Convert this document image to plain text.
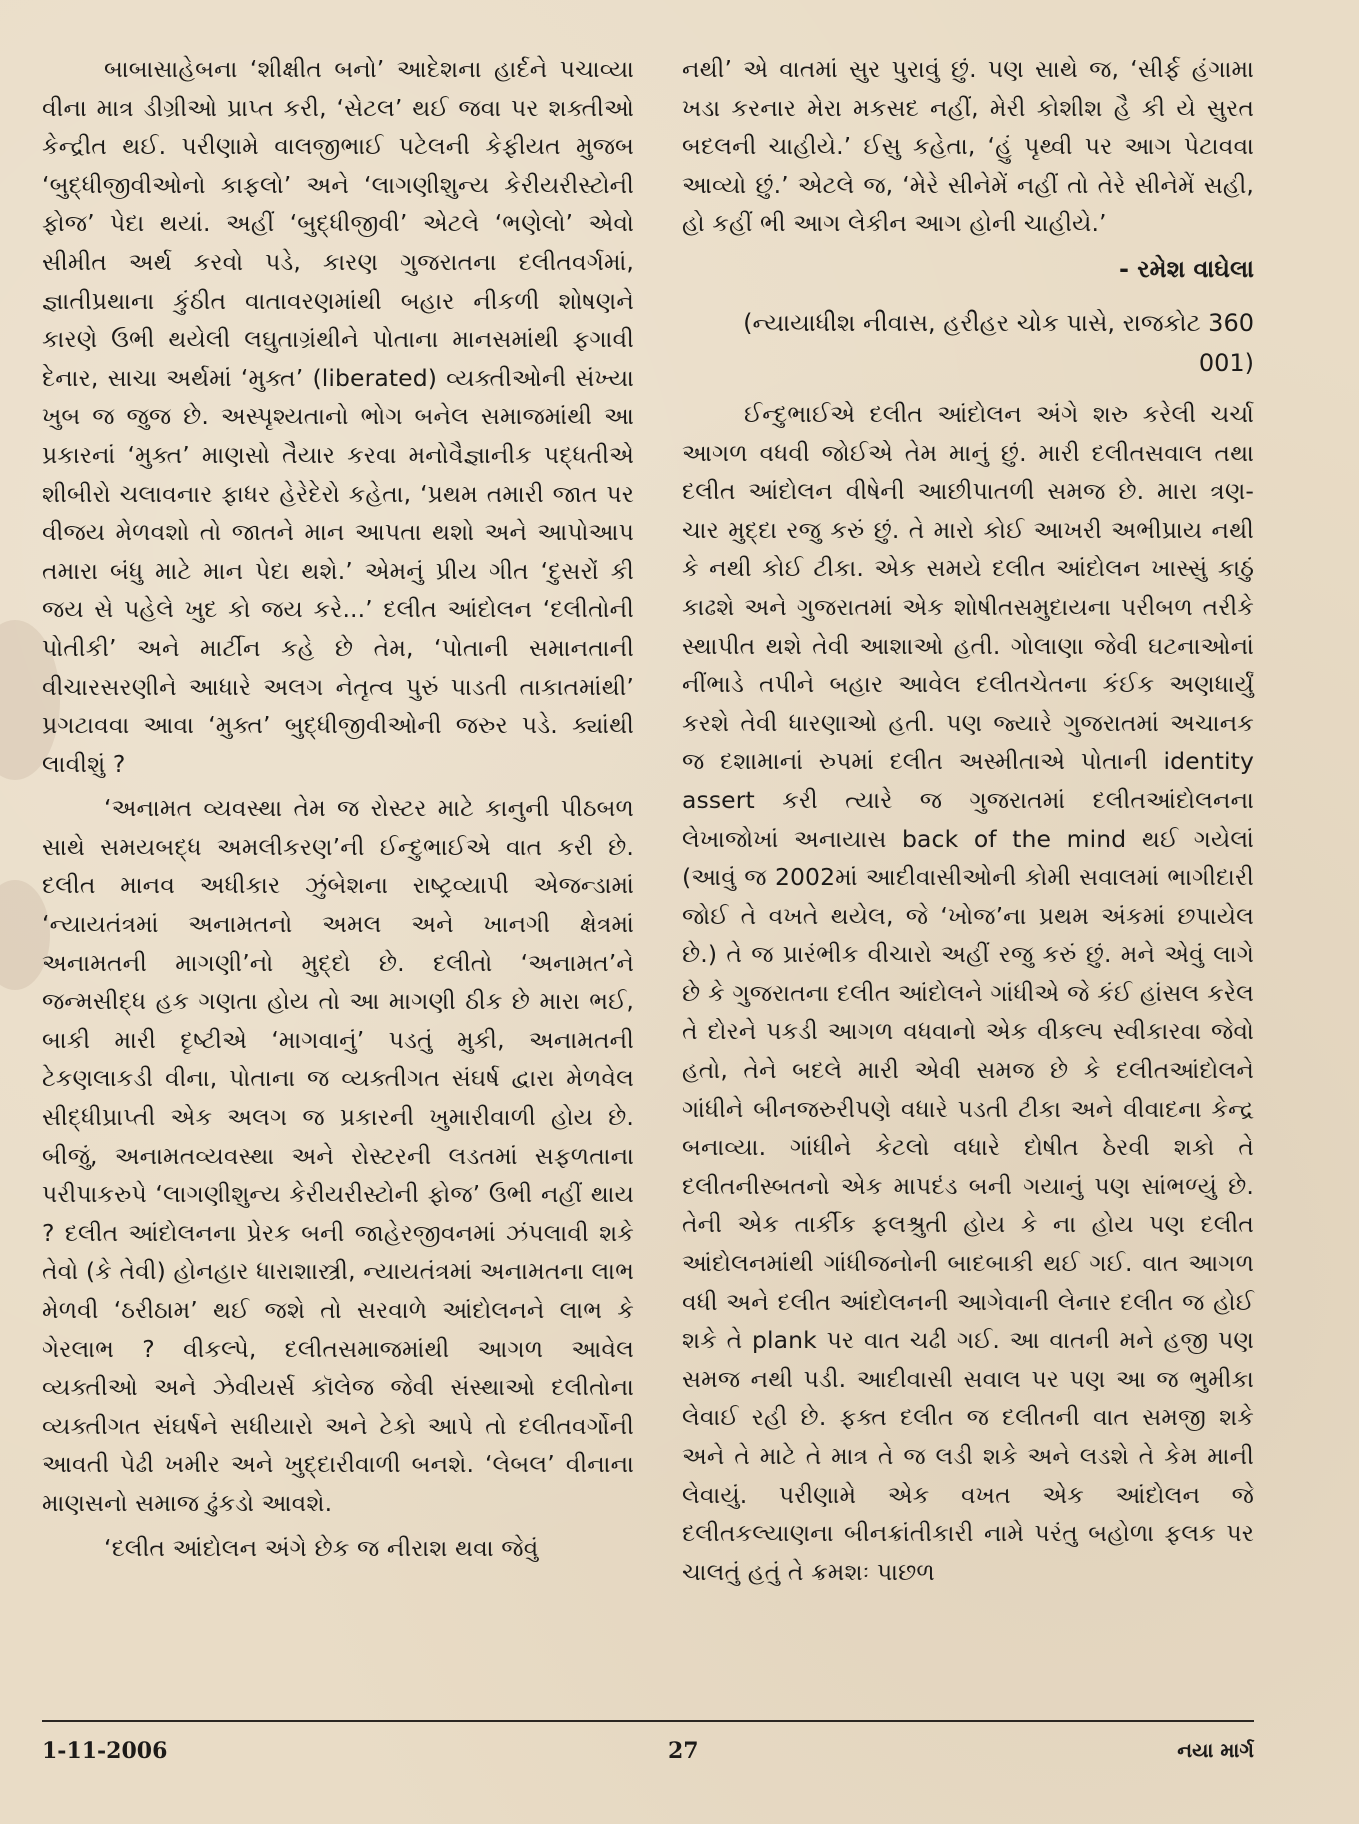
બાબાસાહેબના ‘શીક્ષીત બનો’ આદેશના હાર્દને પચાવ્યા વીના માત્ર ડીગ્રીઓ પ્રાપ્ત કરી, ‘સેટલ’ થઈ જવા પર શક્તીઓ કેન્દ્રીત થઈ. પરીણામે વાલજીભાઈ પટેલની કેફીયત મુજબ ‘બુદ્ધીજીવીઓનો કાફલો’ અને ‘લાગણીશુન્ય કેરીયરીસ્ટોની ફોજ’ પેદા થયાં. અહીં ‘બુદ્ધીજીવી’ એટલે ‘ભણેલો’ એવો સીમીત અર્થ કરવો પડે, કારણ ગુજરાતના દલીતવર્ગમાં, જ્ઞાતીપ્રથાના કુંઠીત વાતાવરણમાંથી બહાર નીકળી શોષણને કારણે ઉભી થયેલી લઘુતાગ્રંથીને પોતાના માનસમાંથી ફગાવી દેનાર, સાચા અર્થમાં ‘મુક્ત’ (liberated) વ્યક્તીઓની સંખ્યા ખુબ જ જુજ છે. અસ્પૃશ્યતાનો ભોગ બનેલ સમાજમાંથી આ પ્રકારનાં ‘મુક્ત’ માણસો તૈયાર કરવા મનોવૈજ્ઞાનીક પદ્ધતીએ શીબીરો ચલાવનાર ફાધર હેરેદેરો કહેતા, ‘પ્રથમ તમારી જાત પર વીજય મેળવશો તો જાતને માન આપતા થશો અને આપોઆપ તમારા બંધુ માટે માન પેદા થશે.’ એમનું પ્રીય ગીત ‘દુસરોં કી જય સે પહેલે ખુદ કો જય કરે...’ દલીત આંદોલન ‘દલીતોની પોતીકી’ અને માર્ટીન કહે છે તેમ, ‘પોતાની સમાનતાની વીચારસરણીને આધારે અલગ નેતૃત્વ પુરું પાડતી તાકાતમાંથી’ પ્રગટાવવા આવા ‘મુક્ત’ બુદ્ધીજીવીઓની જરુર પડે. ક્યાંથી લાવીશું ?

‘અનામત વ્યવસ્થા તેમ જ રોસ્ટર માટે કાનુની પીઠબળ સાથે સમયબદ્ધ અમલીકરણ’ની ઈન્દુભાઈએ વાત કરી છે. દલીત માનવ અધીકાર ઝુંબેશના રાષ્ટ્રવ્યાપી એજન્ડામાં ‘ન્યાયતંત્રમાં અનામતનો અમલ અને ખાનગી ક્ષેત્રમાં અનામતની માગણી’નો મુદ્દો છે. દલીતો ‘અનામત’ને જન્મસીદ્ધ હક ગણતા હોય તો આ માગણી ઠીક છે મારા ભઈ, બાકી મારી દૃષ્ટીએ ‘માગવાનું’ પડતું મુકી, અનામતની ટેકણલાકડી વીના, પોતાના જ વ્યક્તીગત સંઘર્ષ દ્વારા મેળવેલ સીદ્ધીપ્રાપ્તી એક અલગ જ પ્રકારની ખુમારીવાળી હોય છે. બીજું, અનામતવ્યવસ્થા અને રોસ્ટરની લડતમાં સફળતાના પરીપાકરુપે ‘લાગણીશુન્ય કેરીયરીસ્ટોની ફોજ’ ઉભી નહીં થાય ? દલીત આંદોલનના પ્રેરક બની જાહેરજીવનમાં ઝંપલાવી શકે તેવો (કે તેવી) હોનહાર ધારાશાસ્ત્રી, ન્યાયતંત્રમાં અનામતના લાભ મેળવી ‘ઠરીઠામ’ થઈ જશે તો સરવાળે આંદોલનને લાભ કે ગેરલાભ ? વીકલ્પે, દલીતસમાજમાંથી આગળ આવેલ વ્યક્તીઓ અને ઝેવીયર્સ કૉલેજ જેવી સંસ્થાઓ દલીતોના વ્યક્તીગત સંઘર્ષને સધીયારો અને ટેકો આપે તો દલીતવર્ગોની આવતી પેઢી ખમીર અને ખુદ્દારીવાળી બનશે. ‘લેબલ’ વીનાના માણસનો સમાજ ઢુંકડો આવશે.

‘દલીત આંદોલન અંગે છેક જ નીરાશ થવા જેવું

નથી’ એ વાતમાં સુર પુરાવું છું. પણ સાથે જ, ‘સીર્ફ હંગામા ખડા કરનાર મેરા મકસદ નહીં, મેરી કોશીશ હૈ કી યે સુરત બદલની ચાહીયે.’ ઈસુ કહેતા, ‘હું પૃથ્વી પર આગ પેટાવવા આવ્યો છું.’ એટલે જ, ‘મેરે સીનેમેં નહીં તો તેરે સીનેમેં સહી, હો કહીં ભી આગ લેકીન આગ હોની ચાહીયે.’

- રમેશ વાઘેલા
(ન્યાયાધીશ નીવાસ, હરીહર ચોક પાસે, રાજકોટ 360 001)

ઈન્દુભાઈએ દલીત આંદોલન અંગે શરુ કરેલી ચર્ચા આગળ વધવી જોઈએ તેમ માનું છું. મારી દલીતસવાલ તથા દલીત આંદોલન વીષેની આછીપાતળી સમજ છે. મારા ત્રણ-ચાર મુદ્દા રજુ કરું છું. તે મારો કોઈ આખરી અભીપ્રાય નથી કે નથી કોઈ ટીકા. એક સમયે દલીત આંદોલન ખાસ્સું કાઠું કાઢશે અને ગુજરાતમાં એક શોષીતસમુદાયના પરીબળ તરીકે સ્થાપીત થશે તેવી આશાઓ હતી. ગોલાણા જેવી ઘટનાઓનાં નીંભાડે તપીને બહાર આવેલ દલીતચેતના કંઈક અણધાર્યું કરશે તેવી ધારણાઓ હતી. પણ જ્યારે ગુજરાતમાં અચાનક જ દશામાનાં રુપમાં દલીત અસ્મીતાએ પોતાની identity assert કરી ત્યારે જ ગુજરાતમાં દલીતઆંદોલનના લેખાજોખાં અનાયાસ back of the mind થઈ ગયેલાં (આવું જ 2002માં આદીવાસીઓની કોમી સવાલમાં ભાગીદારી જોઈ તે વખતે થયેલ, જે ‘ખોજ’ના પ્રથમ અંકમાં છપાયેલ છે.) તે જ પ્રારંભીક વીચારો અહીં રજુ કરું છું. મને એવું લાગે છે કે ગુજરાતના દલીત આંદોલને ગાંધીએ જે કંઈ હાંસલ કરેલ તે દોરને પકડી આગળ વધવાનો એક વીકલ્પ સ્વીકારવા જેવો હતો, તેને બદલે મારી એવી સમજ છે કે દલીતઆંદોલને ગાંધીને બીનજરુરીપણે વધારે પડતી ટીકા અને વીવાદના કેન્દ્ર બનાવ્યા. ગાંધીને કેટલો વધારે દોષીત ઠેરવી શકો તે દલીતનીસ્બતનો એક માપદંડ બની ગયાનું પણ સાંભળ્યું છે. તેની એક તાર્કીક ફલશ્રુતી હોય કે ના હોય પણ દલીત આંદોલનમાંથી ગાંધીજનોની બાદબાકી થઈ ગઈ. વાત આગળ વધી અને દલીત આંદોલનની આગેવાની લેનાર દલીત જ હોઈ શકે તે plank પર વાત ચઢી ગઈ. આ વાતની મને હજી પણ સમજ નથી પડી. આદીવાસી સવાલ પર પણ આ જ ભુમીકા લેવાઈ રહી છે. ફક્ત દલીત જ દલીતની વાત સમજી શકે અને તે માટે તે માત્ર તે જ લડી શકે અને લડશે તે કેમ માની લેવાયું. પરીણામે એક વખત એક આંદોલન જે દલીતકલ્યાણના બીનક્રાંતીકારી નામે પરંતુ બહોળા ફલક પર ચાલતું હતું તે ક્રમશઃ પાછળ

1-11-2006	27	નયા માર્ગ
